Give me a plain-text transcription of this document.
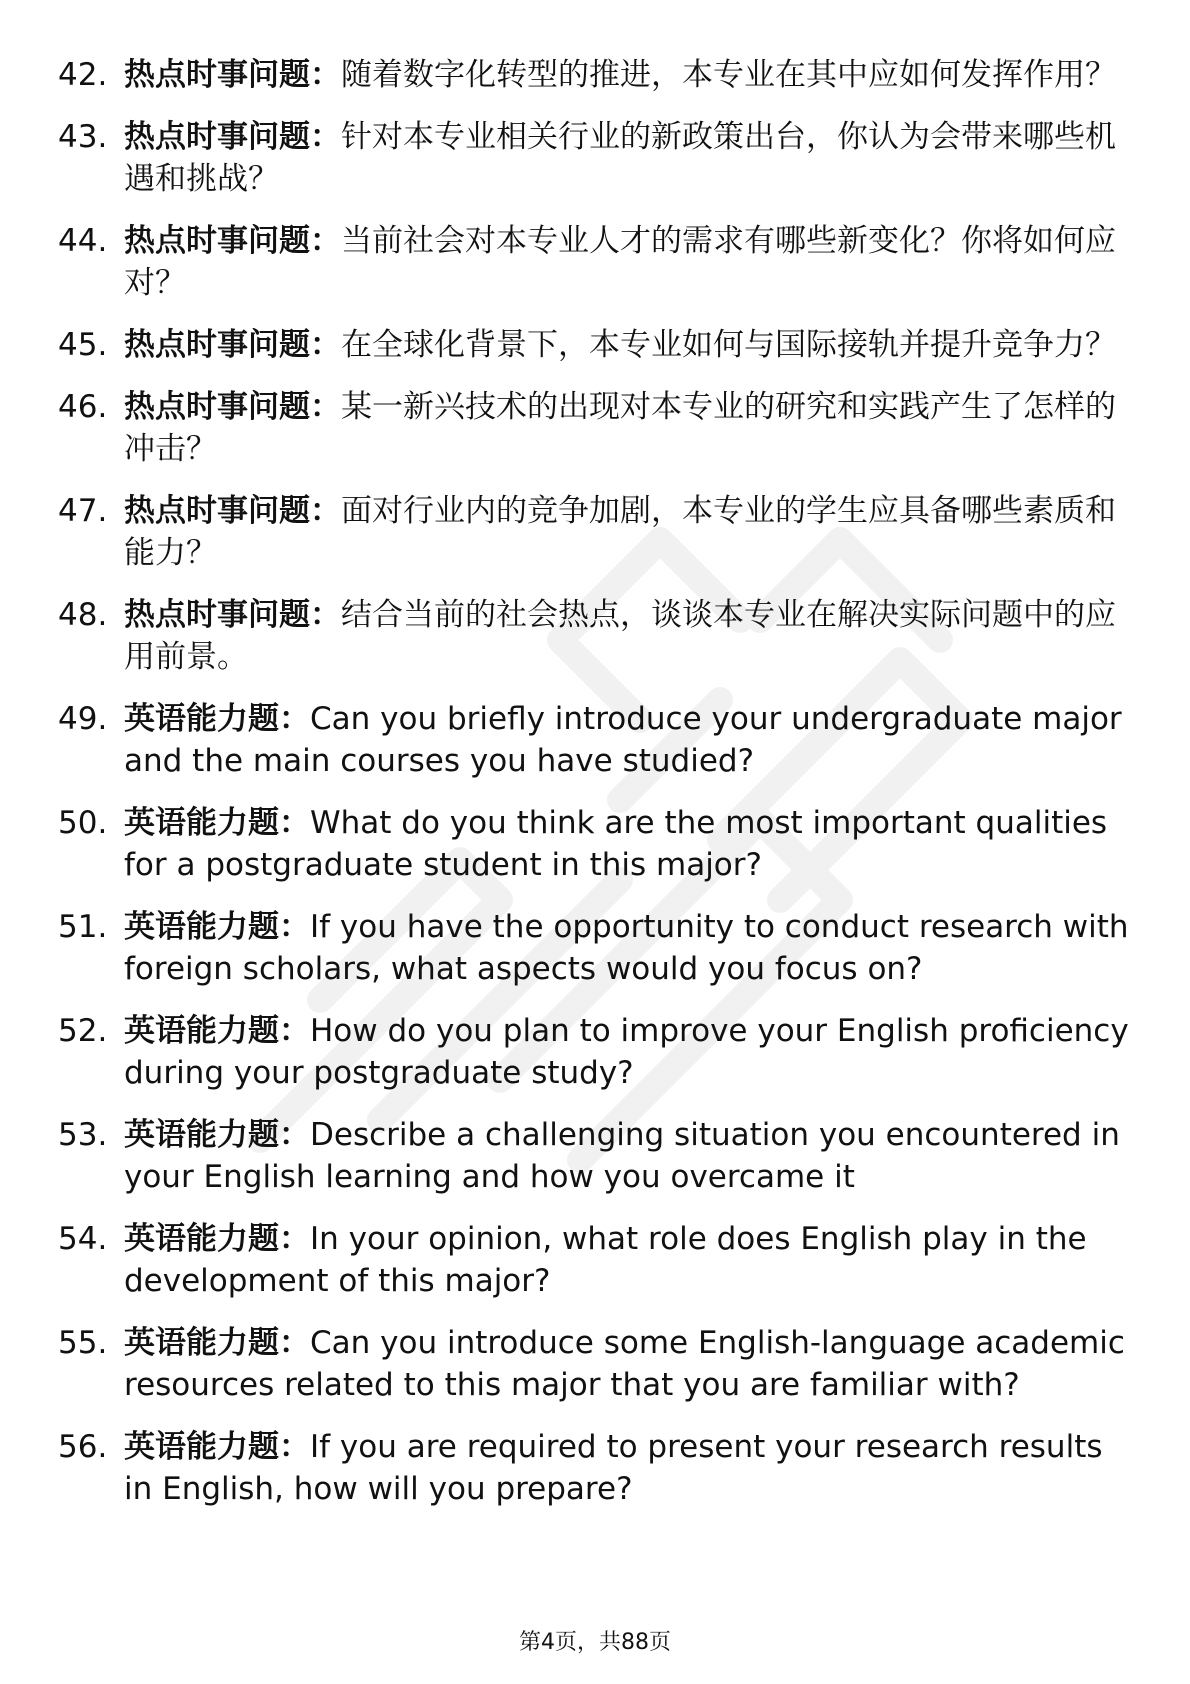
42. 热点时事问题：随着数字化转型的推进，本专业在其中应如何发挥作用？
43. 热点时事问题：针对本专业相关行业的新政策出台，你认为会带来哪些机遇和挑战？
44. 热点时事问题：当前社会对本专业人才的需求有哪些新变化？你将如何应对？
45. 热点时事问题：在全球化背景下，本专业如何与国际接轨并提升竞争力？
46. 热点时事问题：某一新兴技术的出现对本专业的研究和实践产生了怎样的冲击？
47. 热点时事问题：面对行业内的竞争加剧，本专业的学生应具备哪些素质和能力？
48. 热点时事问题：结合当前的社会热点，谈谈本专业在解决实际问题中的应用前景。
49. 英语能力题：Can you briefly introduce your undergraduate major and the main courses you have studied?
50. 英语能力题：What do you think are the most important qualities for a postgraduate student in this major?
51. 英语能力题：If you have the opportunity to conduct research with foreign scholars, what aspects would you focus on?
52. 英语能力题：How do you plan to improve your English proficiency during your postgraduate study?
53. 英语能力题：Describe a challenging situation you encountered in your English learning and how you overcame it
54. 英语能力题：In your opinion, what role does English play in the development of this major?
55. 英语能力题：Can you introduce some English-language academic resources related to this major that you are familiar with?
56. 英语能力题：If you are required to present your research results in English, how will you prepare?
第4页，共88页
